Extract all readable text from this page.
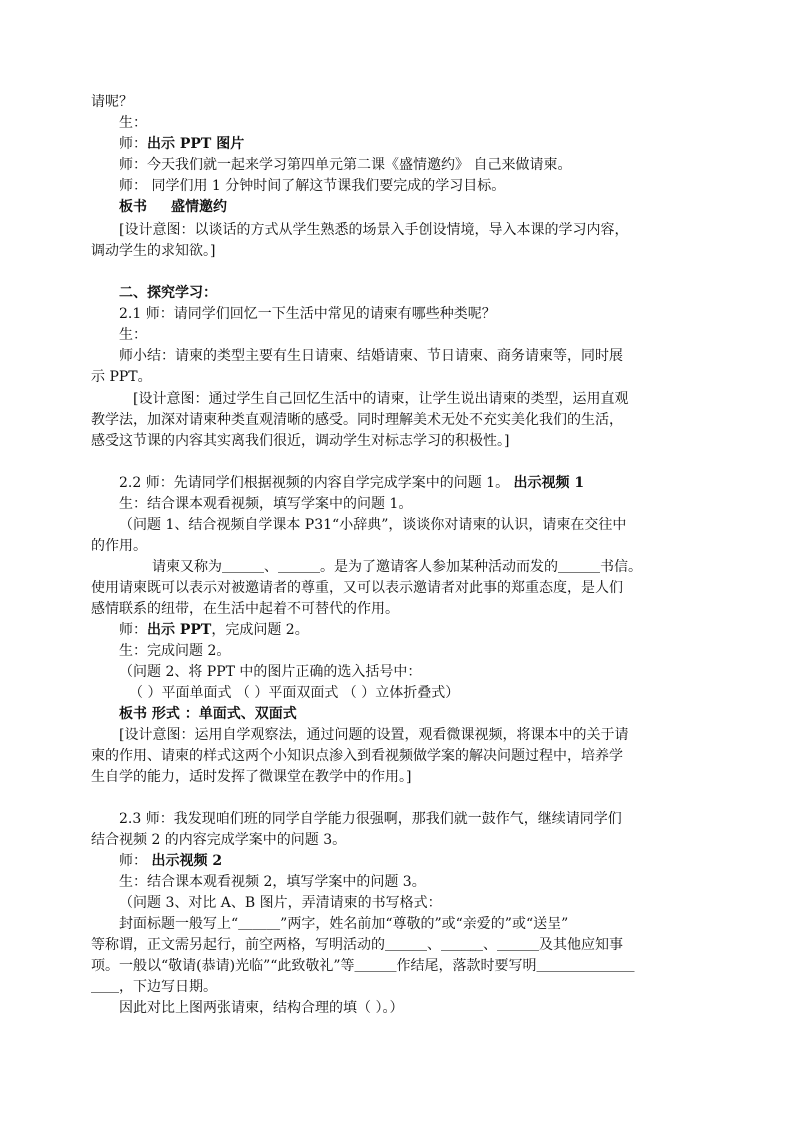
请呢？
生：
师：出示 PPT 图片
师：今天我们就一起来学习第四单元第二课《盛情邀约》 自己来做请柬。
师： 同学们用 1 分钟时间了解这节课我们要完成的学习目标。
板书 盛情邀约
[设计意图：以谈话的方式从学生熟悉的场景入手创设情境，导入本课的学习内容，
调动学生的求知欲。]
二、探究学习：
2.1 师：请同学们回忆一下生活中常见的请柬有哪些种类呢？
生：
师小结：请柬的类型主要有生日请柬、结婚请柬、节日请柬、商务请柬等，同时展
示 PPT。
[设计意图：通过学生自己回忆生活中的请柬，让学生说出请柬的类型，运用直观
教学法，加深对请柬种类直观清晰的感受。同时理解美术无处不充实美化我们的生活，
感受这节课的内容其实离我们很近，调动学生对标志学习的积极性。]
2.2 师：先请同学们根据视频的内容自学完成学案中的问题 1。 出示视频 1
生：结合课本观看视频，填写学案中的问题 1。
（问题 1、结合视频自学课本 P31“小辞典”，谈谈你对请柬的认识，请柬在交往中
的作用。
请柬又称为＿＿＿、＿＿＿。是为了邀请客人参加某种活动而发的＿＿＿书信。
使用请柬既可以表示对被邀请者的尊重，又可以表示邀请者对此事的郑重态度，是人们
感情联系的纽带，在生活中起着不可替代的作用。
师：出示 PPT，完成问题 2。
生：完成问题 2。
（问题 2、将 PPT 中的图片正确的选入括号中：
（ ）平面单面式 （ ）平面双面式 （ ）立体折叠式）
板书 形式 ：单面式、双面式
[设计意图：运用自学观察法，通过问题的设置，观看微课视频，将课本中的关于请
柬的作用、请柬的样式这两个小知识点渗入到看视频做学案的解决问题过程中，培养学
生自学的能力，适时发挥了微课堂在教学中的作用。]
2.3 师：我发现咱们班的同学自学能力很强啊，那我们就一鼓作气，继续请同学们
结合视频 2 的内容完成学案中的问题 3。
师： 出示视频 2
生：结合课本观看视频 2，填写学案中的问题 3。
（问题 3、对比 A、B 图片，弄清请柬的书写格式：
封面标题一般写上“＿＿＿”两字，姓名前加“尊敬的”或“亲爱的”或“送呈”
等称谓，正文需另起行，前空两格，写明活动的＿＿＿、＿＿＿、＿＿＿及其他应知事
项。一般以“敬请(恭请)光临”“此致敬礼”等＿＿＿作结尾，落款时要写明＿＿＿＿＿＿＿
＿＿，下边写日期。
因此对比上图两张请柬，结构合理的填（ ）。）
